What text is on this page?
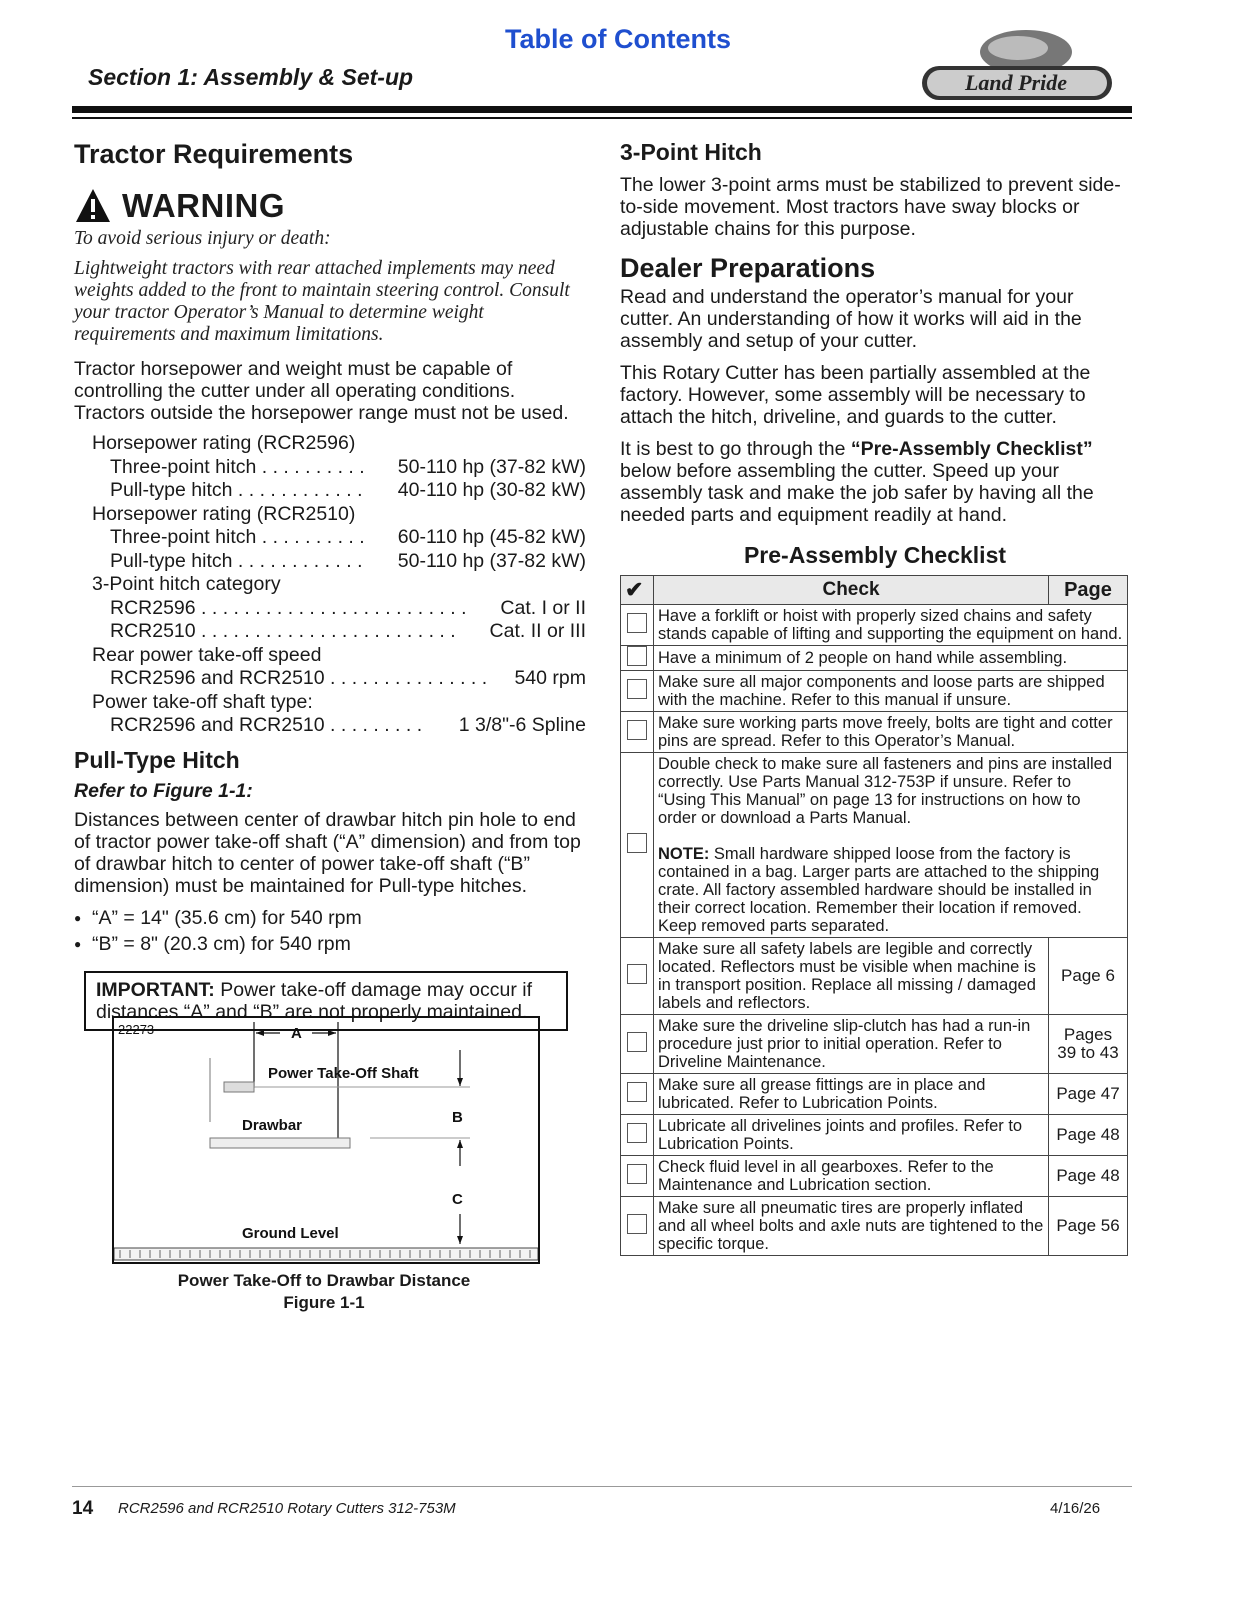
Table of Contents
Section 1: Assembly & Set-up	Land Pride
Tractor Requirements
WARNING
To avoid serious injury or death:
Lightweight tractors with rear attached implements may need weights added to the front to maintain steering control. Consult your tractor Operator’s Manual to determine weight requirements and maximum limitations.
Tractor horsepower and weight must be capable of controlling the cutter under all operating conditions. Tractors outside the horsepower range must not be used.
Horsepower rating (RCR2596)
Three-point hitch . . . . . . . . . .	50-110 hp (37-82 kW)
Pull-type hitch . . . . . . . . . . . .	40-110 hp (30-82 kW)
Horsepower rating (RCR2510)
Three-point hitch . . . . . . . . . .	60-110 hp (45-82 kW)
Pull-type hitch . . . . . . . . . . . .	50-110 hp (37-82 kW)
3-Point hitch category
RCR2596 . . . . . . . . . . . . . . . . . . . . . . . . .	Cat. I or II
RCR2510 . . . . . . . . . . . . . . . . . . . . . . . .	Cat. II or III
Rear power take-off speed
RCR2596 and RCR2510 . . . . . . . . . . . . . . .	540 rpm
Power take-off shaft type:
RCR2596 and RCR2510 . . . . . . . . .	1 3/8"-6 Spline
Pull-Type Hitch
Refer to Figure 1-1:
Distances between center of drawbar hitch pin hole to end of tractor power take-off shaft (“A” dimension) and from top of drawbar hitch to center of power take-off shaft (“B” dimension) must be maintained for Pull-type hitches.
● “A” = 14" (35.6 cm) for 540 rpm
● “B” = 8" (20.3 cm) for 540 rpm
IMPORTANT: Power take-off damage may occur if distances “A” and “B” are not properly maintained.
22273	A
Power Take-Off Shaft
Drawbar	B
C
Ground Level
Power Take-Off to Drawbar Distance
Figure 1-1
3-Point Hitch
The lower 3-point arms must be stabilized to prevent side-to-side movement. Most tractors have sway blocks or adjustable chains for this purpose.
Dealer Preparations
Read and understand the operator’s manual for your cutter. An understanding of how it works will aid in the assembly and setup of your cutter.
This Rotary Cutter has been partially assembled at the factory. However, some assembly will be necessary to attach the hitch, driveline, and guards to the cutter.
It is best to go through the “Pre-Assembly Checklist” below before assembling the cutter. Speed up your assembly task and make the job safer by having all the needed parts and equipment readily at hand.
Pre-Assembly Checklist
✔	Check	Page

	Have a forklift or hoist with properly sized chains and safety stands capable of lifting and supporting the equipment on hand.	

	Have a minimum of 2 people on hand while assembling.	

	Make sure all major components and loose parts are shipped with the machine. Refer to this manual if unsure.	

	Make sure working parts move freely, bolts are tight and cotter pins are spread. Refer to this Operator’s Manual.	

	Double check to make sure all fasteners and pins are installed correctly. Use Parts Manual 312-753P if unsure. Refer to “Using This Manual” on page 13 for instructions on how to order or download a Parts Manual.
NOTE: Small hardware shipped loose from the factory is contained in a bag. Larger parts are attached to the shipping crate. All factory assembled hardware should be installed in their correct location. Remember their location if removed. Keep removed parts separated.	

	Make sure all safety labels are legible and correctly located. Reflectors must be visible when machine is in transport position. Replace all missing / damaged labels and reflectors.	Page 6

	Make sure the driveline slip-clutch has had a run-in procedure just prior to initial operation. Refer to Driveline Maintenance.	Pages 39 to 43

	Make sure all grease fittings are in place and lubricated. Refer to Lubrication Points.	Page 47

	Lubricate all drivelines joints and profiles. Refer to Lubrication Points.	Page 48

	Check fluid level in all gearboxes. Refer to the Maintenance and Lubrication section.	Page 48

	Make sure all pneumatic tires are properly inflated and all wheel bolts and axle nuts are tightened to the specific torque.	Page 56
14 RCR2596 and RCR2510 Rotary Cutters 312-753M	4/16/26
